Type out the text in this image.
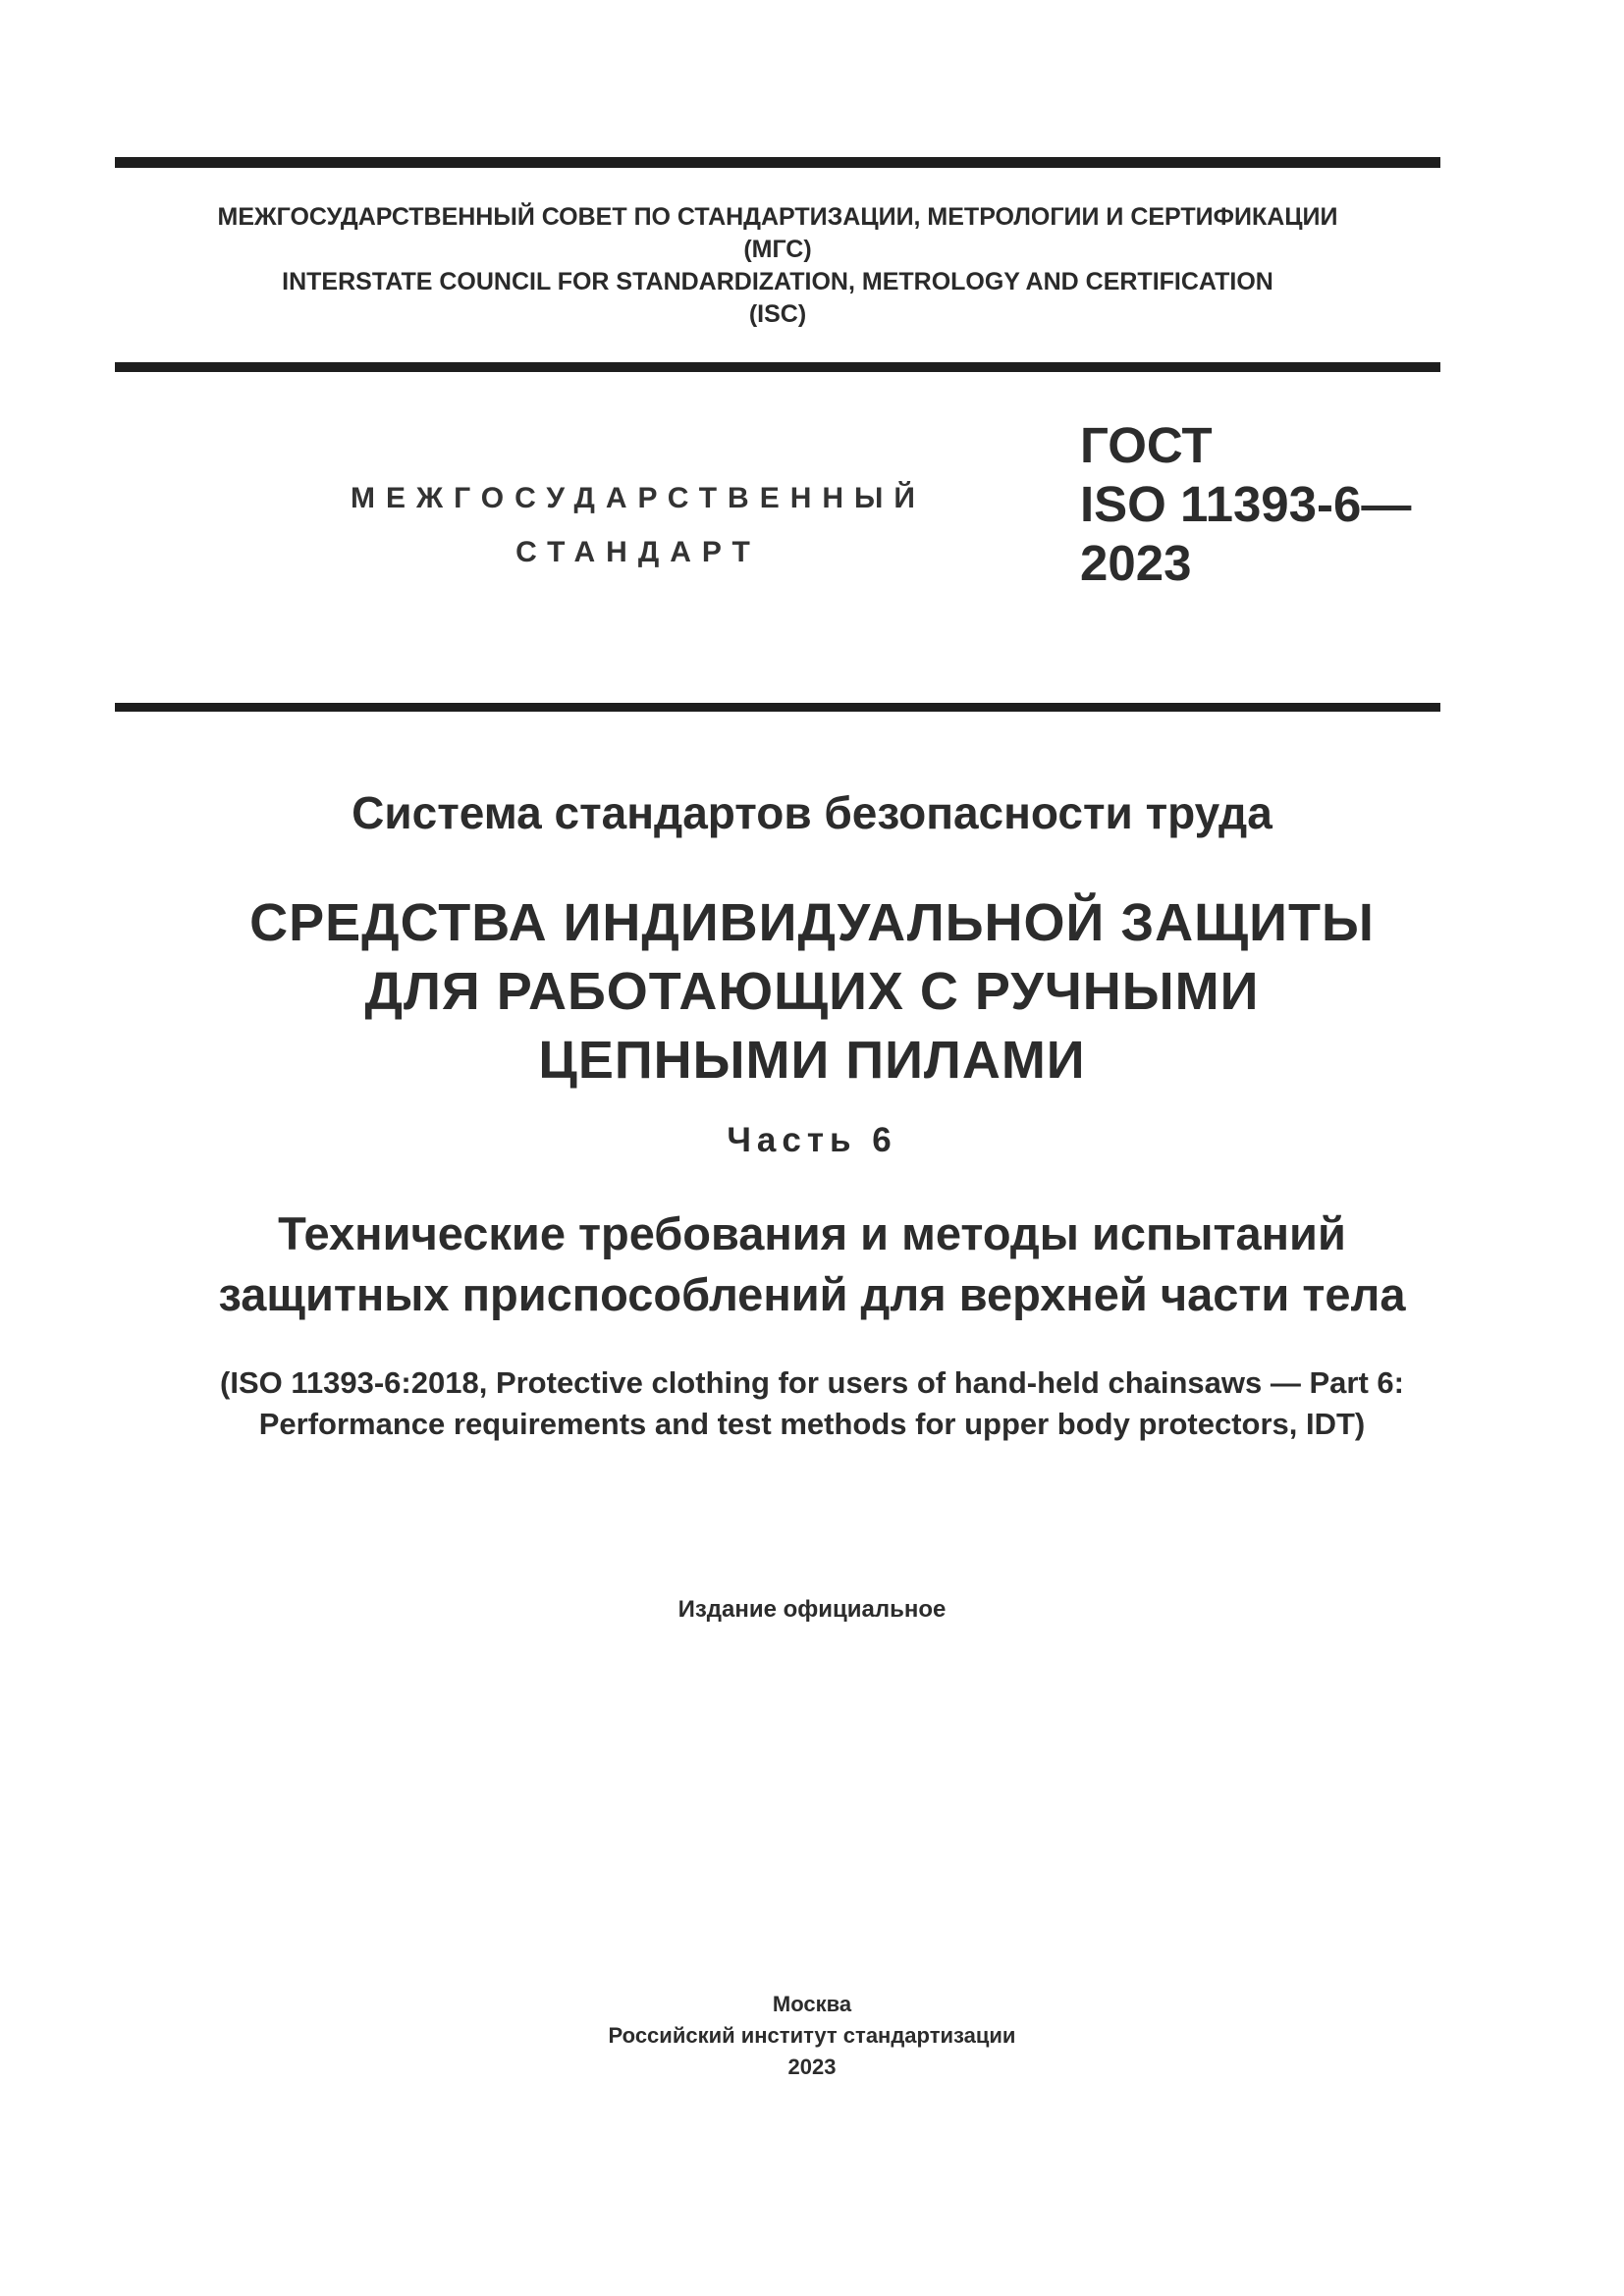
МЕЖГОСУДАРСТВЕННЫЙ СОВЕТ ПО СТАНДАРТИЗАЦИИ, МЕТРОЛОГИИ И СЕРТИФИКАЦИИ
(МГС)
INTERSTATE COUNCIL FOR STANDARDIZATION, METROLOGY AND CERTIFICATION
(ISC)
МЕЖГОСУДАРСТВЕННЫЙ
СТАНДАРТ
ГОСТ
ISO 11393-6—
2023
Система стандартов безопасности труда
СРЕДСТВА ИНДИВИДУАЛЬНОЙ ЗАЩИТЫ
ДЛЯ РАБОТАЮЩИХ С РУЧНЫМИ
ЦЕПНЫМИ ПИЛАМИ
Часть 6
Технические требования и методы испытаний
защитных приспособлений для верхней части тела
(ISO 11393-6:2018, Protective clothing for users of hand-held chainsaws — Part 6:
Performance requirements and test methods for upper body protectors, IDT)
Издание официальное
Москва
Российский институт стандартизации
2023
